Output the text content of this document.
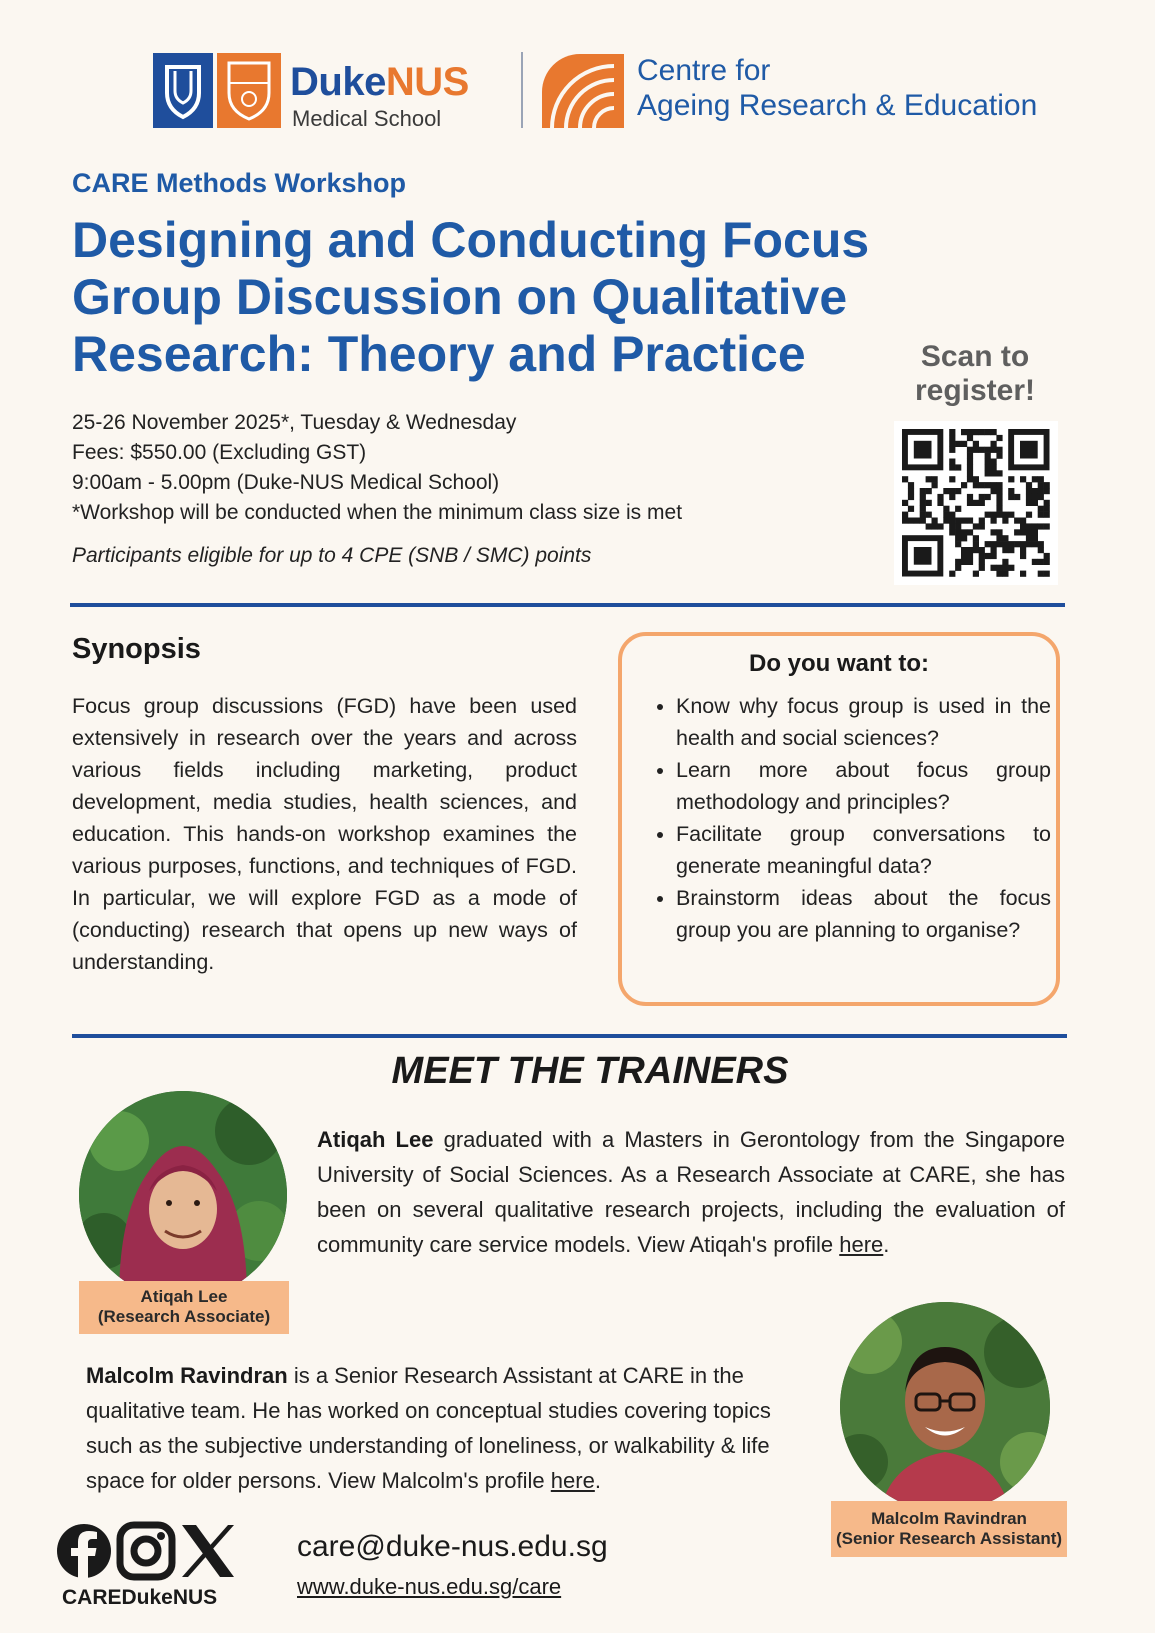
DukeNUS
Medical School
Centre for
Ageing Research & Education
CARE Methods Workshop
Designing and Conducting Focus Group Discussion on Qualitative Research: Theory and Practice	Scan to
register!
25-26 November 2025*, Tuesday & Wednesday
Fees: $550.00 (Excluding GST)
9:00am - 5.00pm (Duke-NUS Medical School)
*Workshop will be conducted when the minimum class size is met
Participants eligible for up to 4 CPE (SNB / SMC) points
Synopsis
Focus group discussions (FGD) have been used extensively in research over the years and across various fields including marketing, product development, media studies, health sciences, and education. This hands-on workshop examines the various purposes, functions, and techniques of FGD. In particular, we will explore FGD as a mode of (conducting) research that opens up new ways of understanding.
Do you want to:
• Know why focus group is used in the health and social sciences?
• Learn more about focus group methodology and principles?
• Facilitate group conversations to generate meaningful data?
• Brainstorm ideas about the focus group you are planning to organise?
MEET THE TRAINERS
Atiqah Lee
(Research Associate)
Atiqah Lee graduated with a Masters in Gerontology from the Singapore University of Social Sciences. As a Research Associate at CARE, she has been on several qualitative research projects, including the evaluation of community care service models. View Atiqah's profile here.
Malcolm Ravindran is a Senior Research Assistant at CARE in the qualitative team. He has worked on conceptual studies covering topics such as the subjective understanding of loneliness, or walkability & life space for older persons. View Malcolm's profile here.
Malcolm Ravindran
(Senior Research Assistant)
CAREDukeNUS
care@duke-nus.edu.sg
www.duke-nus.edu.sg/care
